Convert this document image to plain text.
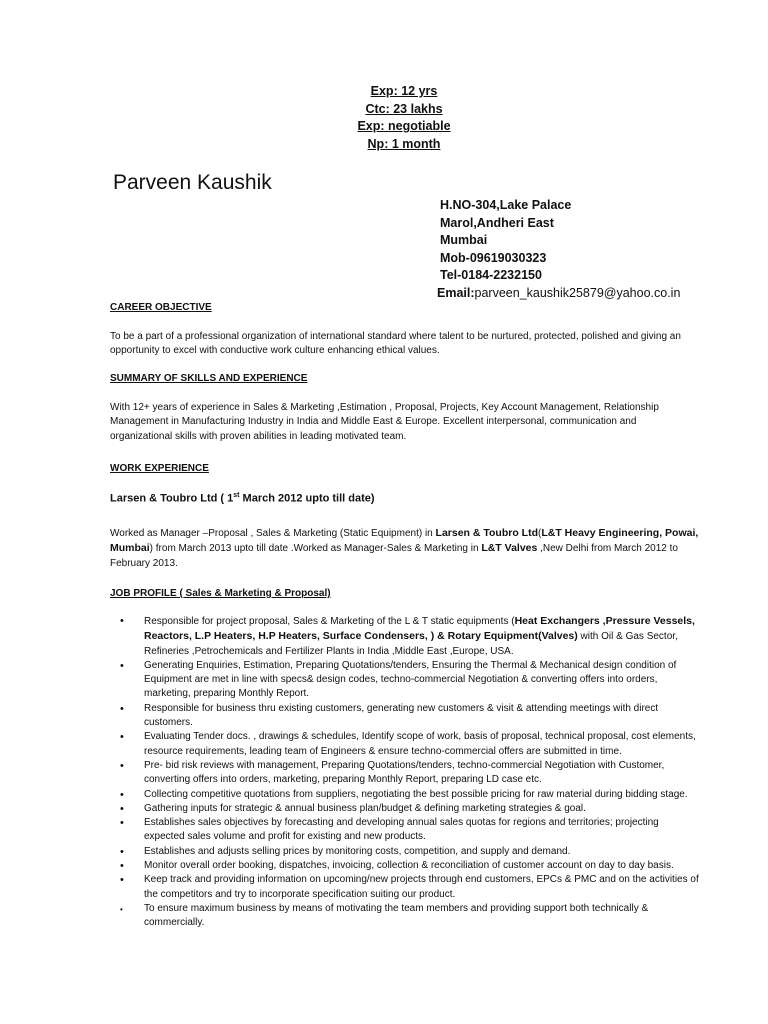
Exp: 12 yrs
Ctc: 23 lakhs
Exp: negotiable
Np: 1 month
Parveen Kaushik
H.NO-304,Lake Palace
Marol,Andheri East
Mumbai
Mob-09619030323
Tel-0184-2232150
Email:parveen_kaushik25879@yahoo.co.in
CAREER OBJECTIVE
To be a part of a professional organization of international standard where talent to be nurtured, protected, polished and giving an opportunity to excel with conductive work culture enhancing ethical values.
SUMMARY OF SKILLS AND EXPERIENCE
With 12+ years of experience in Sales & Marketing ,Estimation , Proposal, Projects, Key Account Management, Relationship Management in Manufacturing Industry in India and Middle East & Europe. Excellent interpersonal, communication and organizational skills with proven abilities in leading motivated team.
WORK EXPERIENCE
Larsen & Toubro Ltd ( 1st March 2012 upto till date)
Worked as Manager –Proposal , Sales & Marketing (Static Equipment) in Larsen & Toubro Ltd(L&T Heavy Engineering, Powai, Mumbai) from March 2013 upto till date .Worked as Manager-Sales & Marketing in L&T Valves ,New Delhi from March 2012 to February 2013.
JOB PROFILE ( Sales & Marketing & Proposal)
• Responsible for project proposal, Sales & Marketing of the L & T static equipments (Heat Exchangers ,Pressure Vessels, Reactors, L.P Heaters, H.P Heaters, Surface Condensers, ) & Rotary Equipment(Valves) with Oil & Gas Sector, Refineries ,Petrochemicals and Fertilizer Plants in India ,Middle East ,Europe, USA.
• Generating Enquiries, Estimation, Preparing Quotations/tenders, Ensuring the Thermal & Mechanical design condition of Equipment are met in line with specs& design codes, techno-commercial Negotiation & converting offers into orders, marketing, preparing Monthly Report.
• Responsible for business thru existing customers, generating new customers & visit & attending meetings with direct customers.
• Evaluating Tender docs. , drawings & schedules, Identify scope of work, basis of proposal, technical proposal, cost elements, resource requirements, leading team of Engineers & ensure techno-commercial offers are submitted in time.
• Pre- bid risk reviews with management, Preparing Quotations/tenders, techno-commercial Negotiation with Customer, converting offers into orders, marketing, preparing Monthly Report, preparing LD case etc.
• Collecting competitive quotations from suppliers, negotiating the best possible pricing for raw material during bidding stage.
• Gathering inputs for strategic & annual business plan/budget & defining marketing strategies & goal.
• Establishes sales objectives by forecasting and developing annual sales quotas for regions and territories; projecting expected sales volume and profit for existing and new products.
• Establishes and adjusts selling prices by monitoring costs, competition, and supply and demand.
• Monitor overall order booking, dispatches, invoicing, collection & reconciliation of customer account on day to day basis.
• Keep track and providing information on upcoming/new projects through end customers, EPCs & PMC and on the activities of the competitors and try to incorporate specification suiting our product.
• To ensure maximum business by means of motivating the team members and providing support both technically & commercially.
